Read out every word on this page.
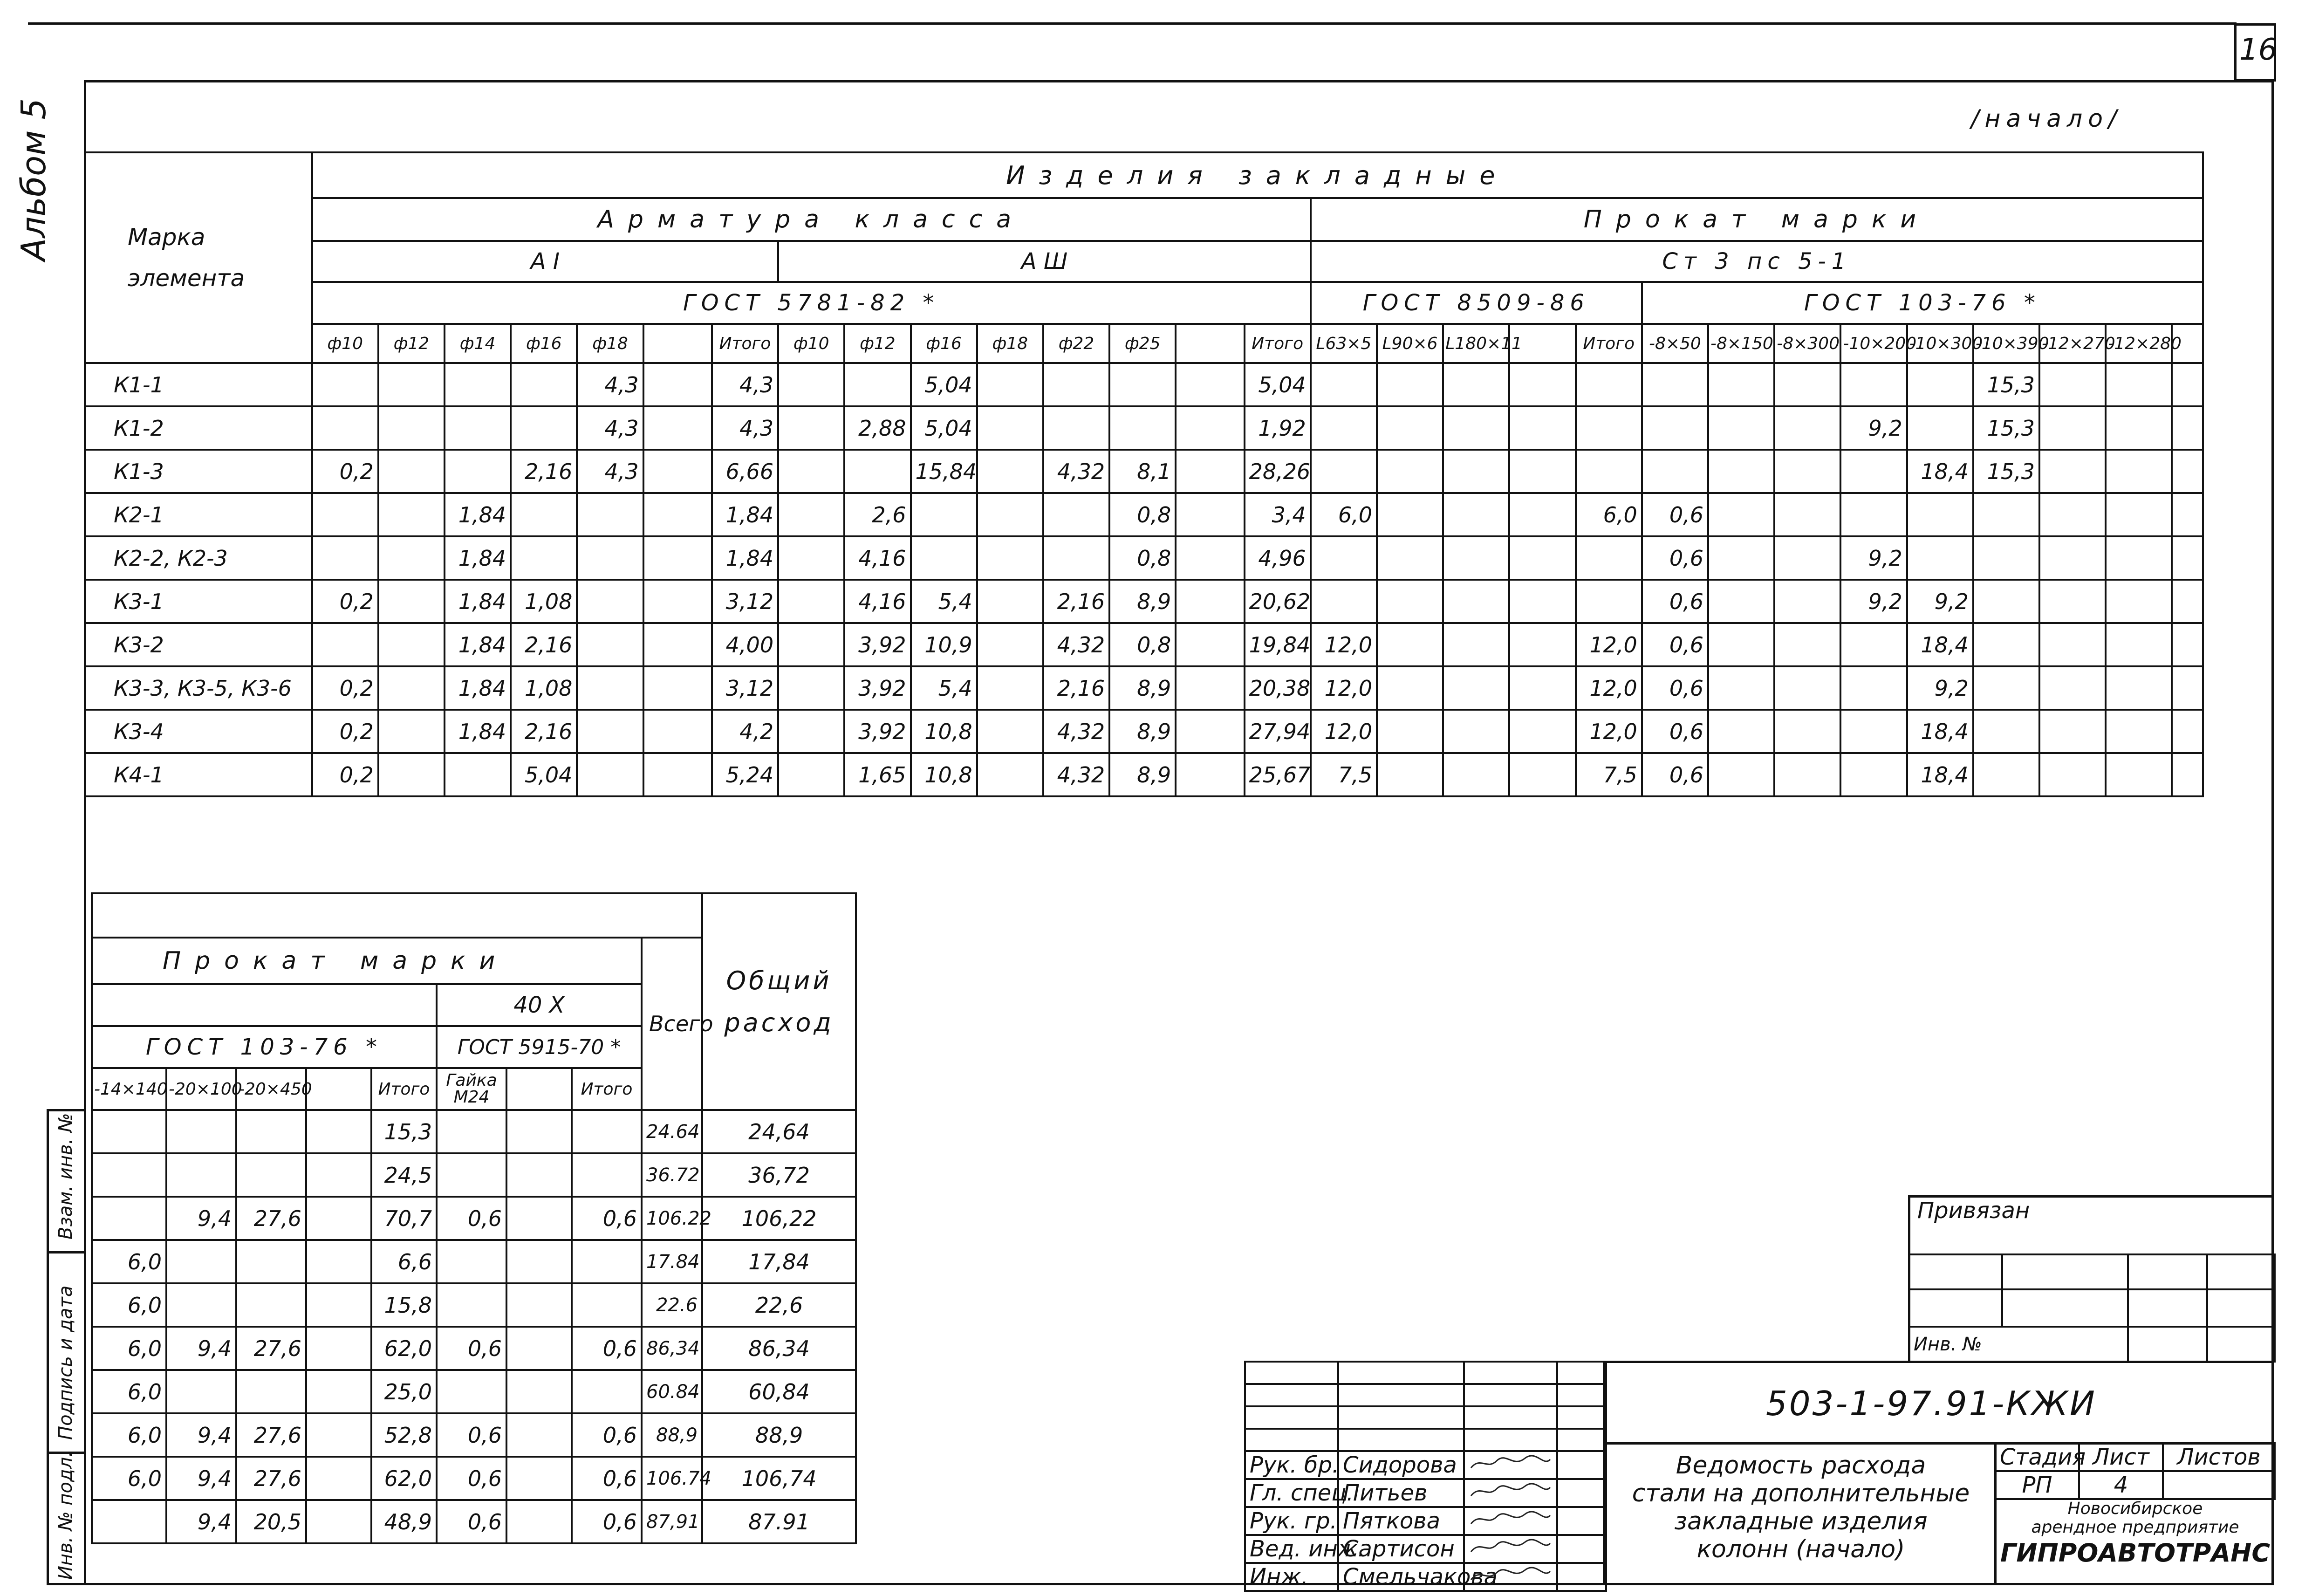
16
Альбом 5	/начало/
Марка
элемента	Изделия закладные																												
	Арматура класса															Прокат марки													
	А I							А Ш								Ст 3 пс 5-1													
	ГОСТ 5781-82 *															ГОСТ 8509-86					ГОСТ 103-76 *								
	ф10	ф12	ф14	ф16	ф18		Итого	ф10	ф12	ф16	ф18	ф22	ф25		Итого	L63×5	L90×6	L180×11		Итого	-8×50	-8×150	-8×300	-10×200	-10×300	-10×390	-12×270	-12×280	
К1-1					4,3		4,3			5,04					5,04											15,3			
К1-2					4,3		4,3		2,88	5,04					1,92									9,2		15,3			
К1-3	0,2			2,16	4,3		6,66			15,84		4,32	8,1		28,26										18,4	15,3			
К2-1			1,84				1,84		2,6				0,8		3,4	6,0				6,0	0,6								
К2-2, К2-3			1,84				1,84		4,16				0,8		4,96						0,6			9,2					
К3-1	0,2		1,84	1,08			3,12		4,16	5,4		2,16	8,9		20,62						0,6			9,2	9,2				
К3-2			1,84	2,16			4,00		3,92	10,9		4,32	0,8		19,84	12,0				12,0	0,6				18,4				
К3-3, К3-5, К3-6	0,2		1,84	1,08			3,12		3,92	5,4		2,16	8,9		20,38	12,0				12,0	0,6				9,2				
К3-4	0,2		1,84	2,16			4,2		3,92	10,8		4,32	8,9		27,94	12,0				12,0	0,6				18,4				
К4-1	0,2			5,04			5,24		1,65	10,8		4,32	8,9		25,67	7,5				7,5	0,6				18,4				
									Общий расход
Прокат марки								Всего	
					40 Х				
ГОСТ 103-76 *					ГОСТ 5915-70 *				
-14×140	-20×100	-20×450		Итого	Гайка М24		Итого		
				15,3				24.64	24,64
				24,5				36.72	36,72
	9,4	27,6		70,7	0,6		0,6	106.22	106,22
6,0				6,6				17.84	17,84
6,0				15,8				22.6	22,6
6,0	9,4	27,6		62,0	0,6		0,6	86,34	86,34
6,0				25,0				60.84	60,84
6,0	9,4	27,6		52,8	0,6		0,6	88,9	88,9
6,0	9,4	27,6		62,0	0,6		0,6	106.74	106,74
	9,4	20,5		48,9	0,6		0,6	87,91	87.91
Взам. инв. №
Подпись и дата
Инв. № подл.
Привязан

Инв. №			

Рук. бр.	Сидорова		
Гл. спец.	Питьев		
Рук. гр.	Пяткова		
Вед. инж.	Сартисон		
Инж.	Смельчакова		
503-1-97.91-КЖИ
Ведомость расхода
стали на дополнительные
закладные изделия
колонн (начало)
Стадия	Лист	Листов
РП	4	
Новосибирское
арендное предприятие
ГИПРОАВТОТРАНС
